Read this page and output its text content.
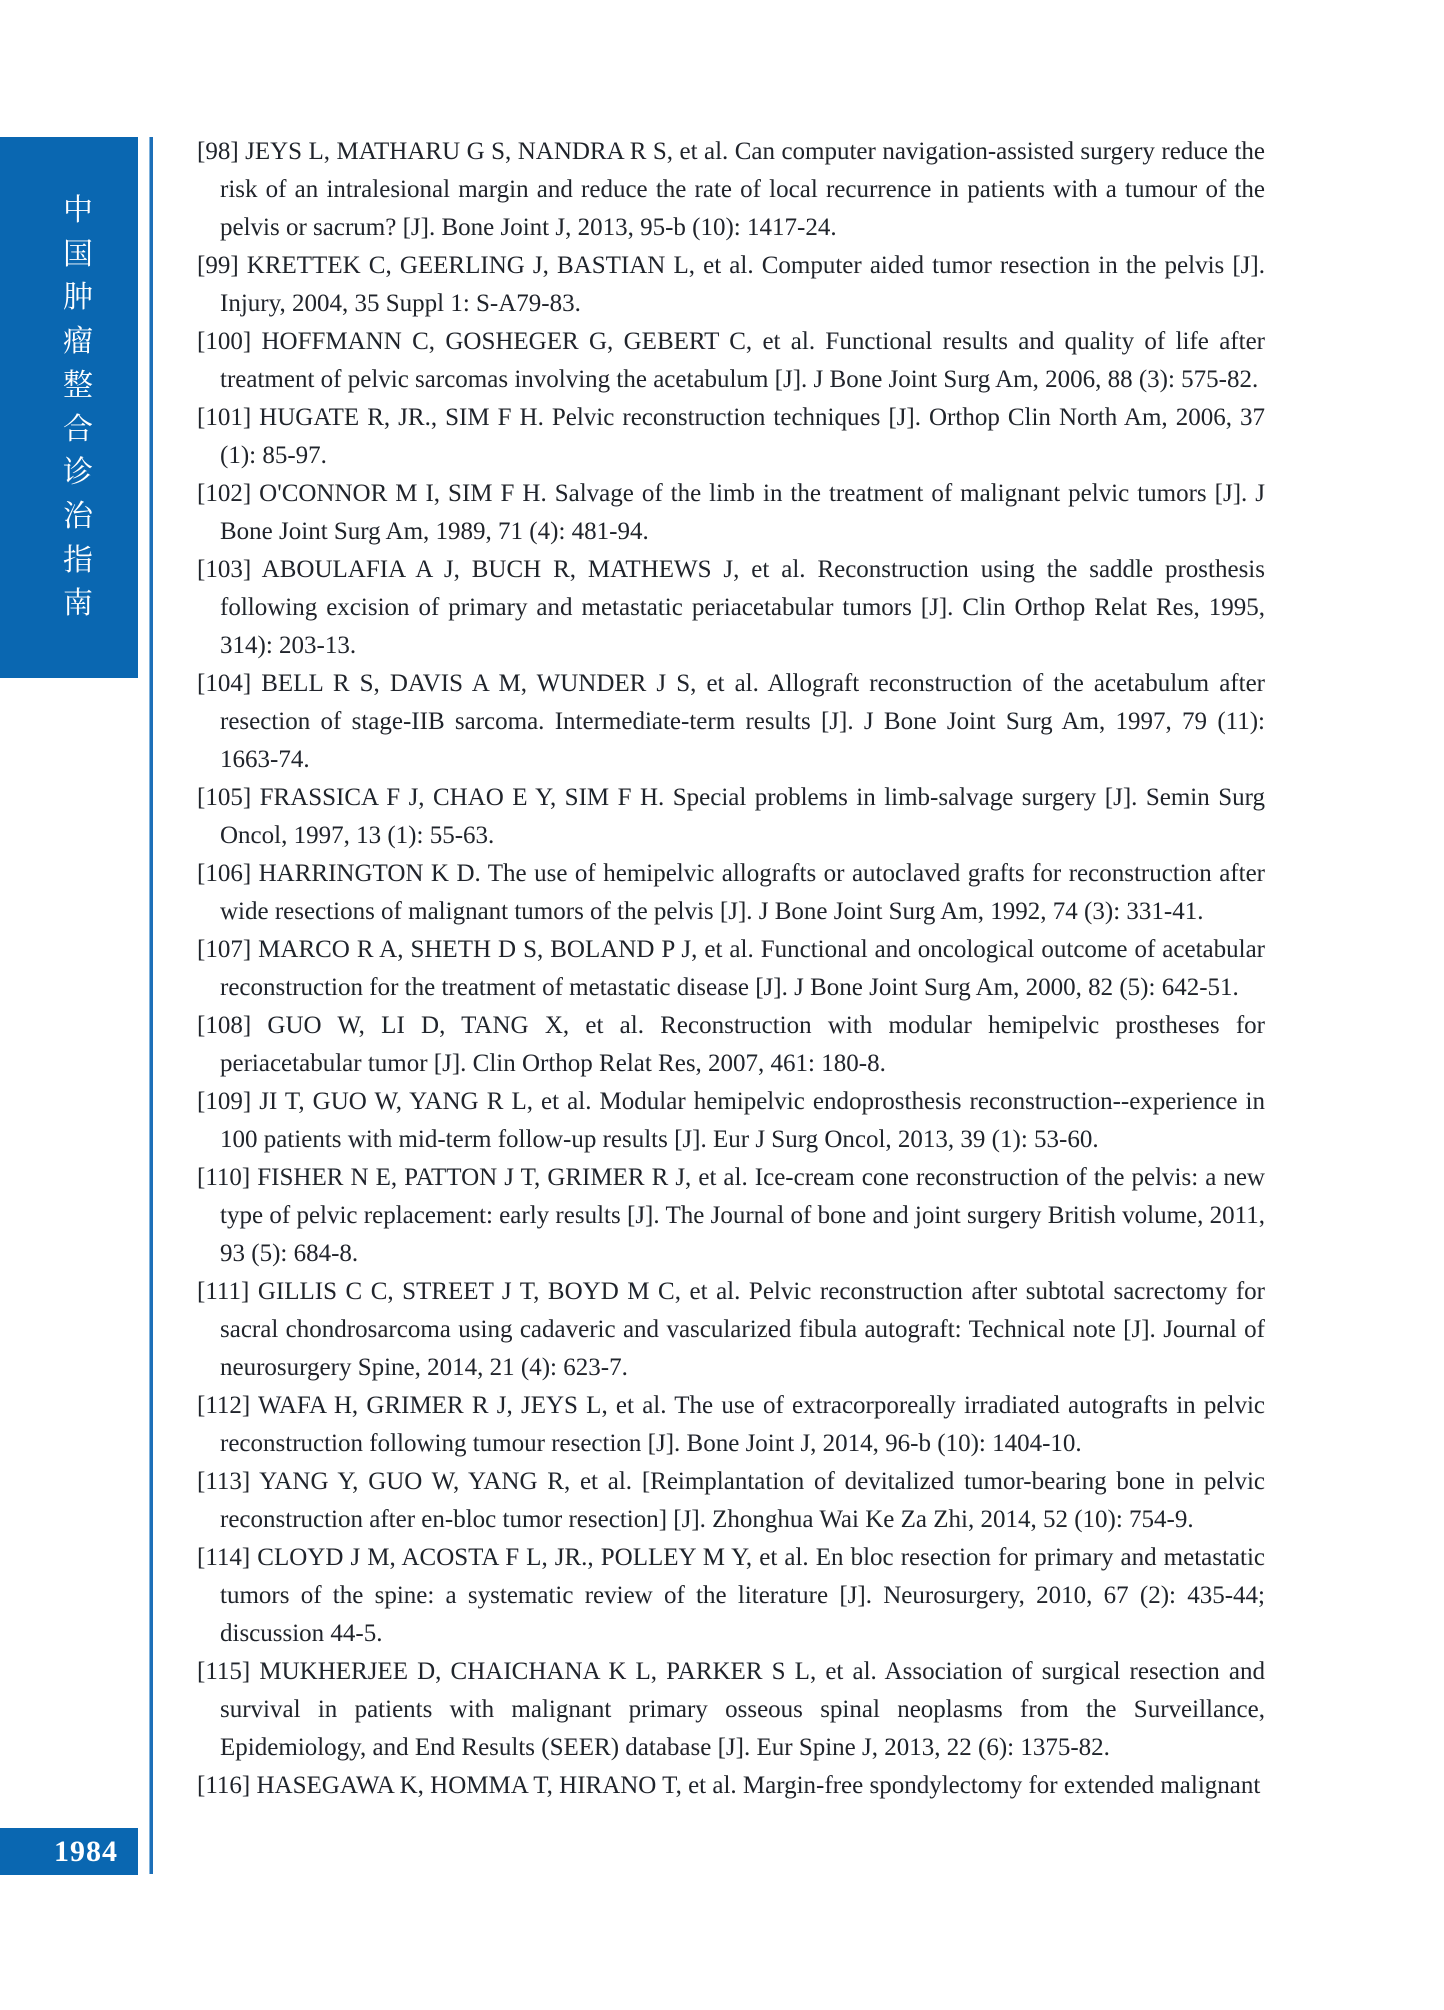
中
国
肿
瘤
整
合
诊
治
指
南
1984

[98] JEYS L, MATHARU G S, NANDRA R S, et al. Can computer navigation-assisted surgery reduce the risk of an intralesional margin and reduce the rate of local recurrence in patients with a tumour of the pelvis or sacrum? [J]. Bone Joint J, 2013, 95-b (10): 1417-24.

[99] KRETTEK C, GEERLING J, BASTIAN L, et al. Computer aided tumor resection in the pelvis [J]. Injury, 2004, 35 Suppl 1: S-A79-83.

[100] HOFFMANN C, GOSHEGER G, GEBERT C, et al. Functional results and quality of life after treatment of pelvic sarcomas involving the acetabulum [J]. J Bone Joint Surg Am, 2006, 88 (3): 575-82.

[101] HUGATE R, JR., SIM F H. Pelvic reconstruction techniques [J]. Orthop Clin North Am, 2006, 37 (1): 85-97.

[102] O'CONNOR M I, SIM F H. Salvage of the limb in the treatment of malignant pelvic tumors [J]. J Bone Joint Surg Am, 1989, 71 (4): 481-94.

[103] ABOULAFIA A J, BUCH R, MATHEWS J, et al. Reconstruction using the saddle prosthesis following excision of primary and metastatic periacetabular tumors [J]. Clin Orthop Relat Res, 1995, 314): 203-13.

[104] BELL R S, DAVIS A M, WUNDER J S, et al. Allograft reconstruction of the acetabulum after resection of stage-IIB sarcoma. Intermediate-term results [J]. J Bone Joint Surg Am, 1997, 79 (11): 1663-74.

[105] FRASSICA F J, CHAO E Y, SIM F H. Special problems in limb-salvage surgery [J]. Semin Surg Oncol, 1997, 13 (1): 55-63.

[106] HARRINGTON K D. The use of hemipelvic allografts or autoclaved grafts for reconstruction after wide resections of malignant tumors of the pelvis [J]. J Bone Joint Surg Am, 1992, 74 (3): 331-41.

[107] MARCO R A, SHETH D S, BOLAND P J, et al. Functional and oncological outcome of acetabular reconstruction for the treatment of metastatic disease [J]. J Bone Joint Surg Am, 2000, 82 (5): 642-51.

[108] GUO W, LI D, TANG X, et al. Reconstruction with modular hemipelvic prostheses for periacetabular tumor [J]. Clin Orthop Relat Res, 2007, 461: 180-8.

[109] JI T, GUO W, YANG R L, et al. Modular hemipelvic endoprosthesis reconstruction--experience in 100 patients with mid-term follow-up results [J]. Eur J Surg Oncol, 2013, 39 (1): 53-60.

[110] FISHER N E, PATTON J T, GRIMER R J, et al. Ice-cream cone reconstruction of the pelvis: a new type of pelvic replacement: early results [J]. The Journal of bone and joint surgery British volume, 2011, 93 (5): 684-8.

[111] GILLIS C C, STREET J T, BOYD M C, et al. Pelvic reconstruction after subtotal sacrectomy for sacral chondrosarcoma using cadaveric and vascularized fibula autograft: Technical note [J]. Journal of neurosurgery Spine, 2014, 21 (4): 623-7.

[112] WAFA H, GRIMER R J, JEYS L, et al. The use of extracorporeally irradiated autografts in pelvic reconstruction following tumour resection [J]. Bone Joint J, 2014, 96-b (10): 1404-10.

[113] YANG Y, GUO W, YANG R, et al. [Reimplantation of devitalized tumor-bearing bone in pelvic reconstruction after en-bloc tumor resection] [J]. Zhonghua Wai Ke Za Zhi, 2014, 52 (10): 754-9.

[114] CLOYD J M, ACOSTA F L, JR., POLLEY M Y, et al. En bloc resection for primary and metastatic tumors of the spine: a systematic review of the literature [J]. Neurosurgery, 2010, 67 (2): 435-44; discussion 44-5.

[115] MUKHERJEE D, CHAICHANA K L, PARKER S L, et al. Association of surgical resection and survival in patients with malignant primary osseous spinal neoplasms from the Surveillance, Epidemiology, and End Results (SEER) database [J]. Eur Spine J, 2013, 22 (6): 1375-82.

[116] HASEGAWA K, HOMMA T, HIRANO T, et al. Margin-free spondylectomy for extended malignant
